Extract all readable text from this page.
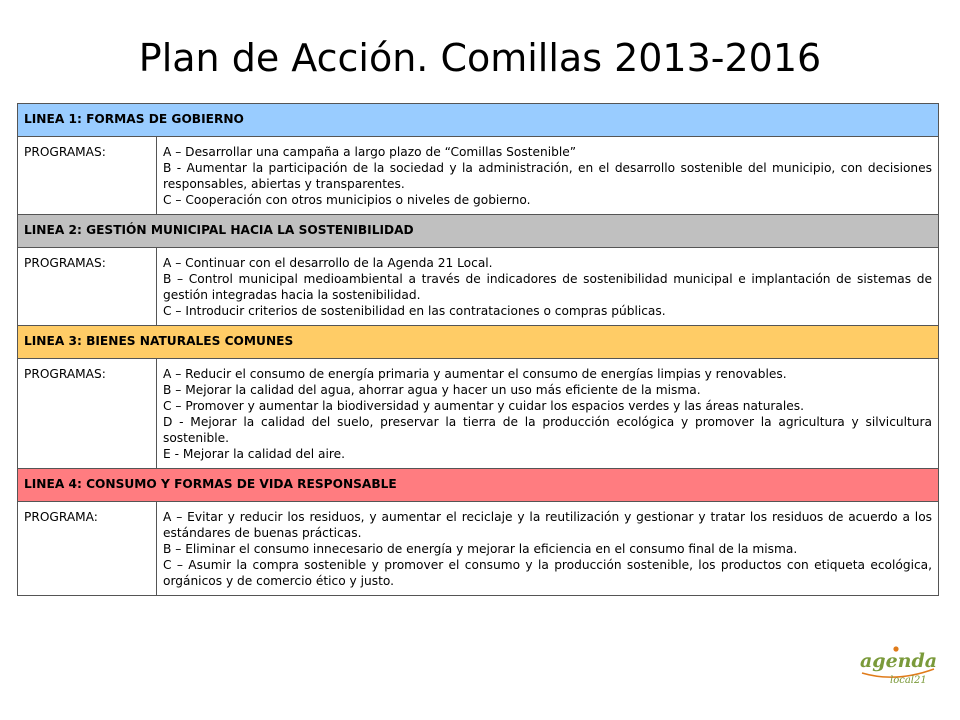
Plan de Acción. Comillas 2013-2016
LINEA 1: FORMAS DE GOBIERNO	
PROGRAMAS:	A – Desarrollar una campaña a largo plazo de “Comillas Sostenible”
B - Aumentar la participación de la sociedad y la administración, en el desarrollo sostenible del municipio, con decisiones responsables, abiertas y transparentes.
C – Cooperación con otros municipios o niveles de gobierno.

LINEA 2: GESTIÓN MUNICIPAL HACIA LA SOSTENIBILIDAD	
PROGRAMAS:	A – Continuar con el desarrollo de la Agenda 21 Local.
B – Control municipal medioambiental a través de indicadores de sostenibilidad municipal e implantación de sistemas de gestión integradas hacia la sostenibilidad.
C – Introducir criterios de sostenibilidad en las contrataciones o compras públicas.

LINEA 3: BIENES NATURALES COMUNES	
PROGRAMAS:	A – Reducir el consumo de energía primaria y aumentar el consumo de energías limpias y renovables.
B – Mejorar la calidad del agua, ahorrar agua y hacer un uso más eficiente de la misma.
C – Promover y aumentar la biodiversidad y aumentar y cuidar los espacios verdes y las áreas naturales.
D - Mejorar la calidad del suelo, preservar la tierra de la producción ecológica y promover la agricultura y silvicultura sostenible.
E - Mejorar la calidad del aire.

LINEA 4: CONSUMO Y FORMAS DE VIDA RESPONSABLE	
PROGRAMA:	A – Evitar y reducir los residuos, y aumentar el reciclaje y la reutilización y gestionar y tratar los residuos de acuerdo a los estándares de buenas prácticas.
B – Eliminar el consumo innecesario de energía y mejorar la eficiencia en el consumo final de la misma.
C – Asumir la compra sostenible y promover el consumo y la producción sostenible, los productos con etiqueta ecológica, orgánicos y de comercio ético y justo.
agenda
local21
